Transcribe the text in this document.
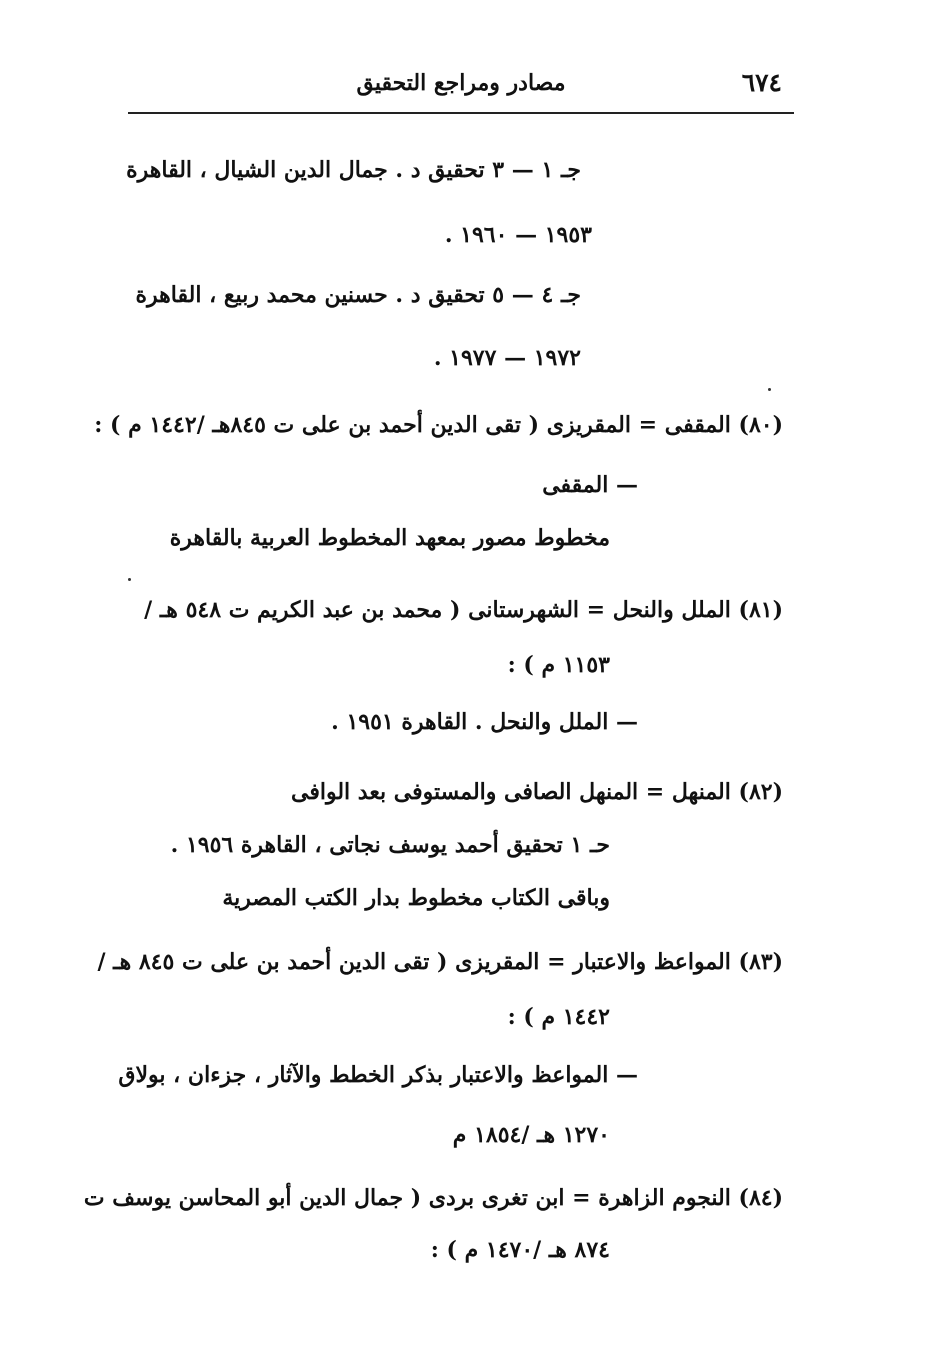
٦٧٤
مصادر ومراجع التحقيق
جـ ١ — ٣ تحقيق د . جمال الدين الشيال ، القاهرة
١٩٥٣ — ١٩٦٠ .
جـ ٤ — ٥ تحقيق د . حسنين محمد ربيع ، القاهرة
١٩٧٢ — ١٩٧٧ .
(٨٠) المقفى = المقريزى ( تقى الدين أحمد بن على ت ٨٤٥هـ /١٤٤٢ م ) :
— المقفى
مخطوط مصور بمعهد المخطوط العربية بالقاهرة
(٨١) الملل والنحل = الشهرستانى ( محمد بن عبد الكريم ت ٥٤٨ هـ /
١١٥٣ م ) :
— الملل والنحل . القاهرة ١٩٥١ .
(٨٢) المنهل = المنهل الصافى والمستوفى بعد الوافى
حـ ١ تحقيق أحمد يوسف نجاتى ، القاهرة ١٩٥٦ .
وباقى الكتاب مخطوط بدار الكتب المصرية
(٨٣) المواعظ والاعتبار = المقريزى ( تقى الدين أحمد بن على ت ٨٤٥ هـ /
١٤٤٢ م ) :
— المواعظ والاعتبار بذكر الخطط والآثار ، جزءان ، بولاق
١٢٧٠ هـ /١٨٥٤ م
(٨٤) النجوم الزاهرة = ابن تغرى بردى ( جمال الدين أبو المحاسن يوسف ت
٨٧٤ هـ /١٤٧٠ م ) :
